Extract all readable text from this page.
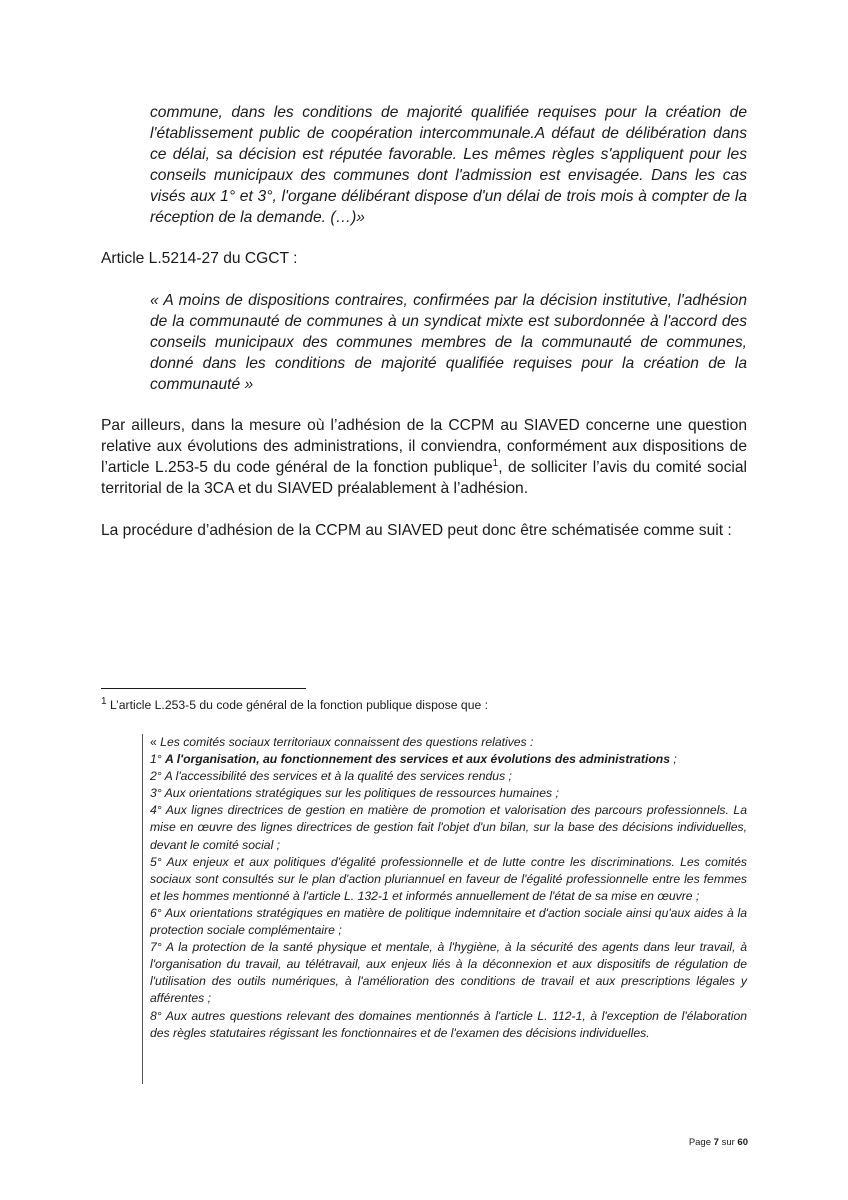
commune, dans les conditions de majorité qualifiée requises pour la création de l'établissement public de coopération intercommunale.A défaut de délibération dans ce délai, sa décision est réputée favorable. Les mêmes règles s'appliquent pour les conseils municipaux des communes dont l'admission est envisagée. Dans les cas visés aux 1° et 3°, l'organe délibérant dispose d'un délai de trois mois à compter de la réception de la demande. (…)»

Article L.5214-27 du CGCT :

« A moins de dispositions contraires, confirmées par la décision institutive, l'adhésion de la communauté de communes à un syndicat mixte est subordonnée à l'accord des conseils municipaux des communes membres de la communauté de communes, donné dans les conditions de majorité qualifiée requises pour la création de la communauté »

Par ailleurs, dans la mesure où l’adhésion de la CCPM au SIAVED concerne une question relative aux évolutions des administrations, il conviendra, conformément aux dispositions de l’article L.253-5 du code général de la fonction publique$^1$, de solliciter l’avis du comité social territorial de la 3CA et du SIAVED préalablement à l’adhésion.

La procédure d’adhésion de la CCPM au SIAVED peut donc être schématisée comme suit :

$^1$ L’article L.253-5 du code général de la fonction publique dispose que :

« Les comités sociaux territoriaux connaissent des questions relatives :

1° A l'organisation, au fonctionnement des services et aux évolutions des administrations ;

2° A l'accessibilité des services et à la qualité des services rendus ;

3° Aux orientations stratégiques sur les politiques de ressources humaines ;

4° Aux lignes directrices de gestion en matière de promotion et valorisation des parcours professionnels. La mise en œuvre des lignes directrices de gestion fait l'objet d'un bilan, sur la base des décisions individuelles, devant le comité social ;

5° Aux enjeux et aux politiques d'égalité professionnelle et de lutte contre les discriminations. Les comités sociaux sont consultés sur le plan d'action pluriannuel en faveur de l'égalité professionnelle entre les femmes et les hommes mentionné à l'article L. 132-1 et informés annuellement de l'état de sa mise en œuvre ;

6° Aux orientations stratégiques en matière de politique indemnitaire et d'action sociale ainsi qu'aux aides à la protection sociale complémentaire ;

7° A la protection de la santé physique et mentale, à l'hygiène, à la sécurité des agents dans leur travail, à l'organisation du travail, au télétravail, aux enjeux liés à la déconnexion et aux dispositifs de régulation de l'utilisation des outils numériques, à l'amélioration des conditions de travail et aux prescriptions légales y afférentes ;

8° Aux autres questions relevant des domaines mentionnés à l'article L. 112-1, à l'exception de l'élaboration des règles statutaires régissant les fonctionnaires et de l'examen des décisions individuelles.

Page 7 sur 60
